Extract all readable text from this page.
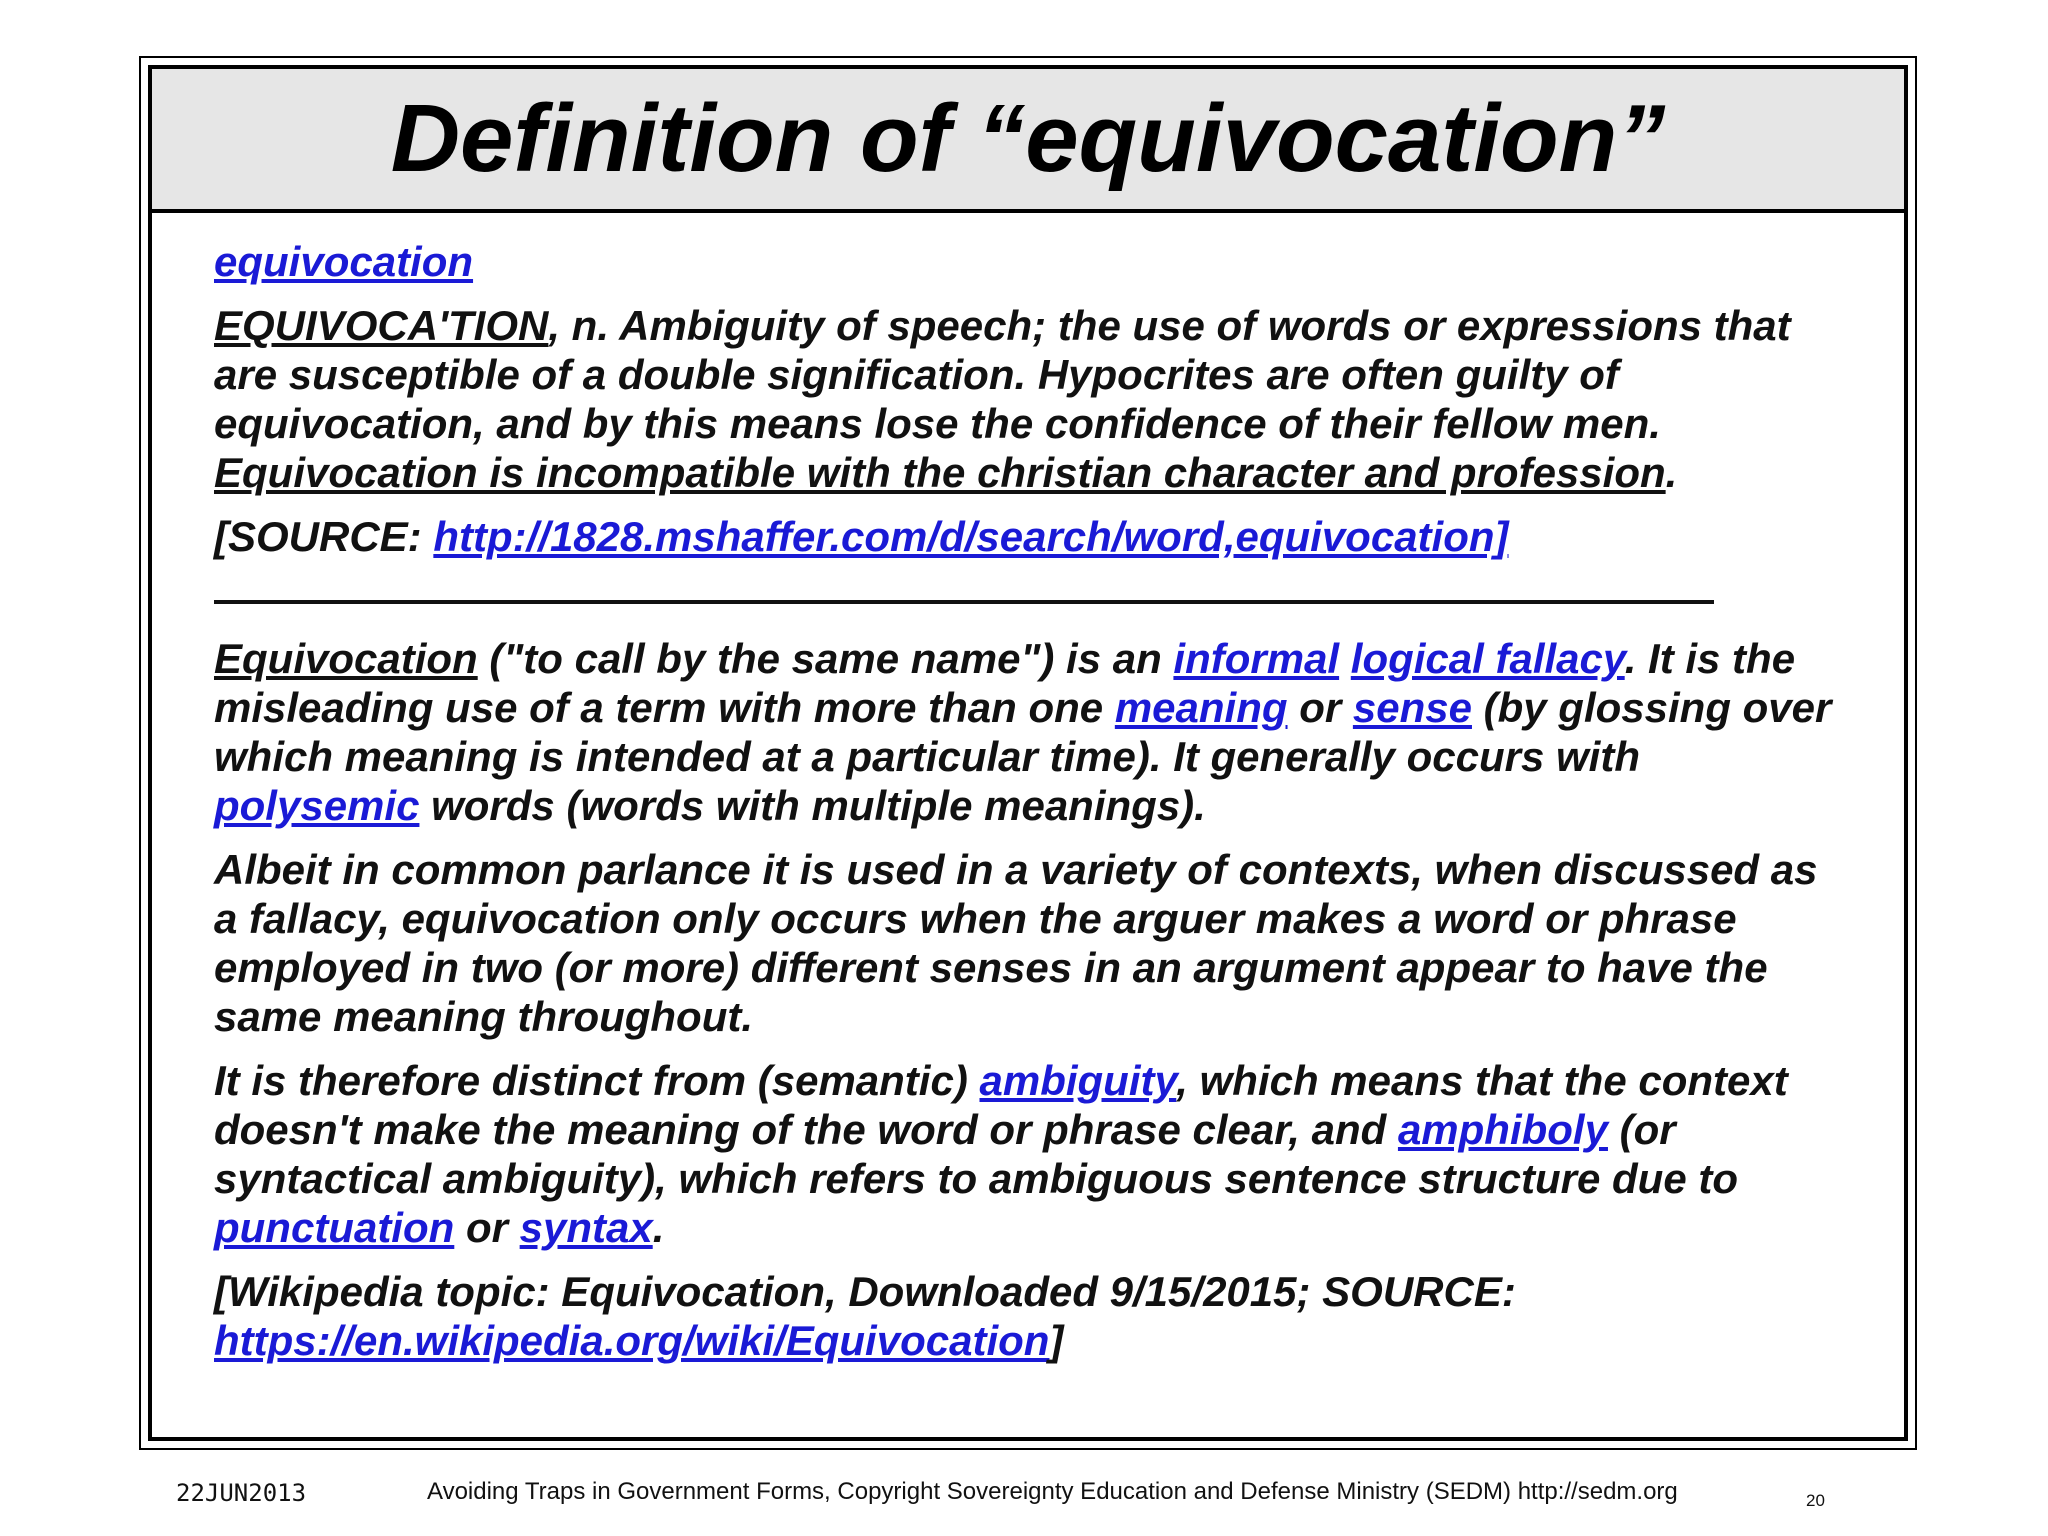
Definition of “equivocation”

equivocation

EQUIVOCA'TION, n. Ambiguity of speech; the use of words or expressions that are susceptible of a double signification. Hypocrites are often guilty of equivocation, and by this means lose the confidence of their fellow men. Equivocation is incompatible with the christian character and profession.

[SOURCE: http://1828.mshaffer.com/d/search/word,equivocation]

Equivocation ("to call by the same name") is an informal logical fallacy. It is the misleading use of a term with more than one meaning or sense (by glossing over which meaning is intended at a particular time). It generally occurs with polysemic words (words with multiple meanings).

Albeit in common parlance it is used in a variety of contexts, when discussed as a fallacy, equivocation only occurs when the arguer makes a word or phrase employed in two (or more) different senses in an argument appear to have the same meaning throughout.

It is therefore distinct from (semantic) ambiguity, which means that the context doesn't make the meaning of the word or phrase clear, and amphiboly (or syntactical ambiguity), which refers to ambiguous sentence structure due to punctuation or syntax.

[Wikipedia topic: Equivocation, Downloaded 9/15/2015; SOURCE: https://en.wikipedia.org/wiki/Equivocation]

22JUN2013	Avoiding Traps in Government Forms, Copyright Sovereignty Education and Defense Ministry (SEDM) http://sedm.org	20
